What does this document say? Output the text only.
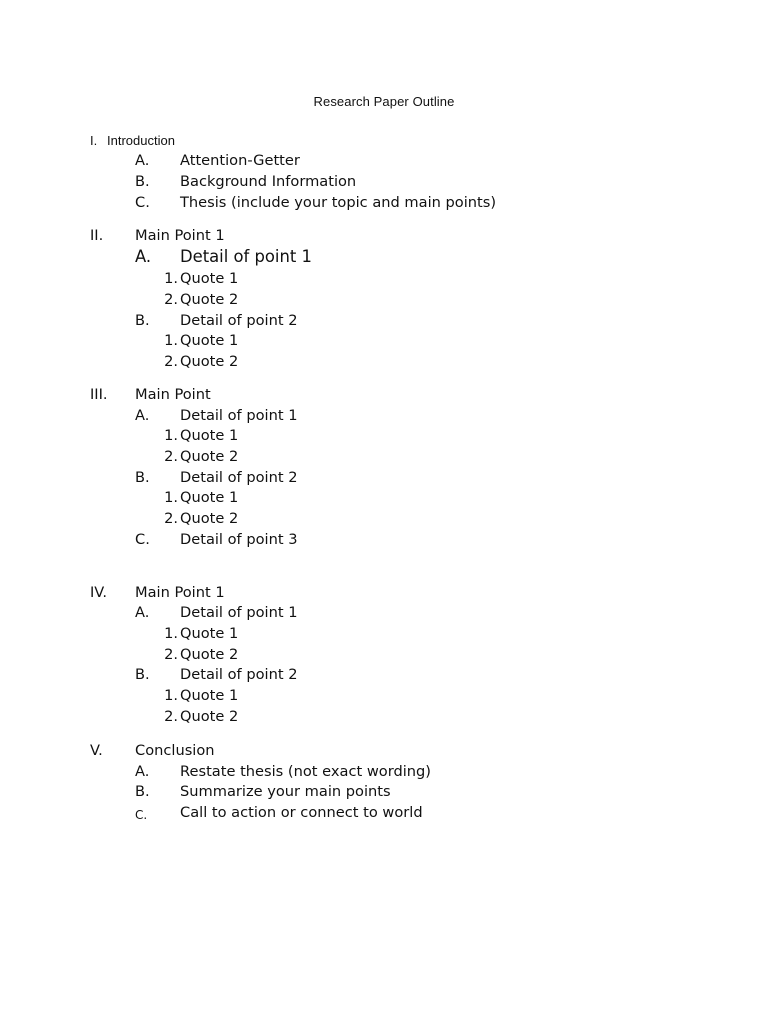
Research Paper Outline
I. Introduction
A. Attention-Getter
B. Background Information
C. Thesis (include your topic and main points)
II. Main Point 1
A. Detail of point 1
1. Quote 1
2. Quote 2
B. Detail of point 2
1. Quote 1
2. Quote 2
III. Main Point
A. Detail of point 1
1. Quote 1
2. Quote 2
B. Detail of point 2
1. Quote 1
2. Quote 2
C. Detail of point 3
IV. Main Point 1
A. Detail of point 1
1. Quote 1
2. Quote 2
B. Detail of point 2
1. Quote 1
2. Quote 2
V. Conclusion
A. Restate thesis (not exact wording)
B. Summarize your main points
C. Call to action or connect to world
